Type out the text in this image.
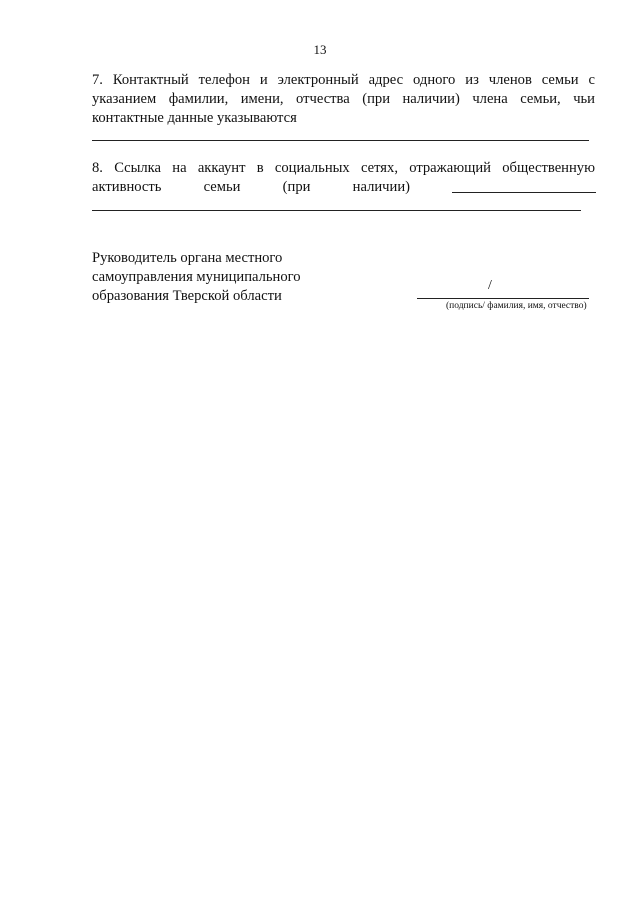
13

7. Контактный телефон и электронный адрес одного из членов семьи с

указанием фамилии, имени, отчества (при наличии) члена семьи, чьи

контактные данные указываются

8. Ссылка на аккаунт в социальных сетях, отражающий общественную

активность семьи (при наличии)

Руководитель органа местного
самоуправления муниципального
образования Тверской области
/
(подпись/ фамилия, имя, отчество)
